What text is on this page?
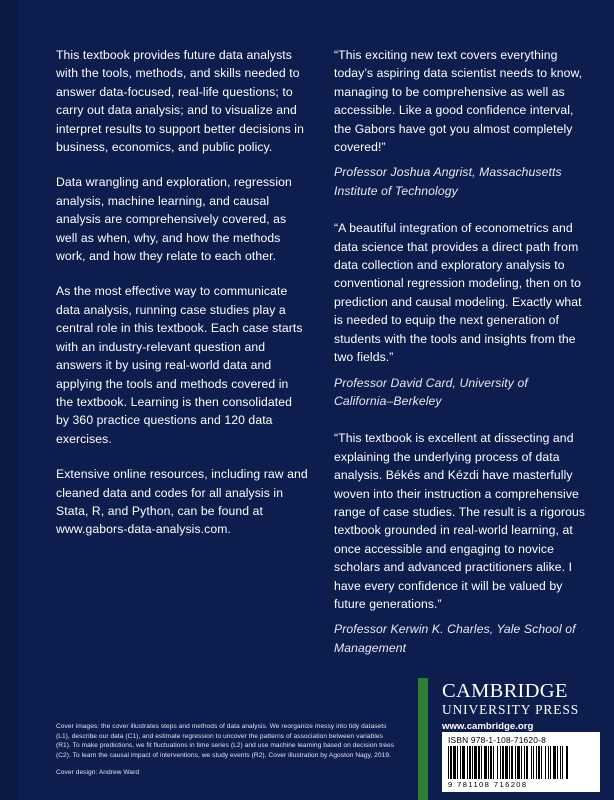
This textbook provides future data analysts with the tools, methods, and skills needed to answer data-focused, real-life questions; to carry out data analysis; and to visualize and interpret results to support better decisions in business, economics, and public policy.

Data wrangling and exploration, regression analysis, machine learning, and causal analysis are comprehensively covered, as well as when, why, and how the methods work, and how they relate to each other.

As the most effective way to communicate data analysis, running case studies play a central role in this textbook. Each case starts with an industry-relevant question and answers it by using real-world data and applying the tools and methods covered in the textbook. Learning is then consolidated by 360 practice questions and 120 data exercises.

Extensive online resources, including raw and cleaned data and codes for all analysis in Stata, R, and Python, can be found at www.gabors-data-analysis.com.

“This exciting new text covers everything today’s aspiring data scientist needs to know, managing to be comprehensive as well as accessible. Like a good confidence interval, the Gabors have got you almost completely covered!”

Professor Joshua Angrist, Massachusetts Institute of Technology

“A beautiful integration of econometrics and data science that provides a direct path from data collection and exploratory analysis to conventional regression modeling, then on to prediction and causal modeling. Exactly what is needed to equip the next generation of students with the tools and insights from the two fields.”

Professor David Card, University of California–Berkeley

“This textbook is excellent at dissecting and explaining the underlying process of data analysis. Békés and Kézdi have masterfully woven into their instruction a comprehensive range of case studies. The result is a rigorous textbook grounded in real-world learning, at once accessible and engaging to novice scholars and advanced practitioners alike. I have every confidence it will be valued by future generations.”

Professor Kerwin K. Charles, Yale School of Management

Cover images: the cover illustrates steps and methods of data analysis. We reorganize messy into tidy datasets (L1), describe our data (C1), and estimate regression to uncover the patterns of association between variables (R1). To make predictions, we fit fluctuations in time series (L2) and use machine learning based on decision trees (C2). To learn the causal impact of interventions, we study events (R2). Cover illustration by Agoston Nagy, 2019.

Cover design: Andrew Ward

CAMBRIDGE
UNIVERSITY PRESS
www.cambridge.org

ISBN 978-1-108-71620-8

9 781108 716208
